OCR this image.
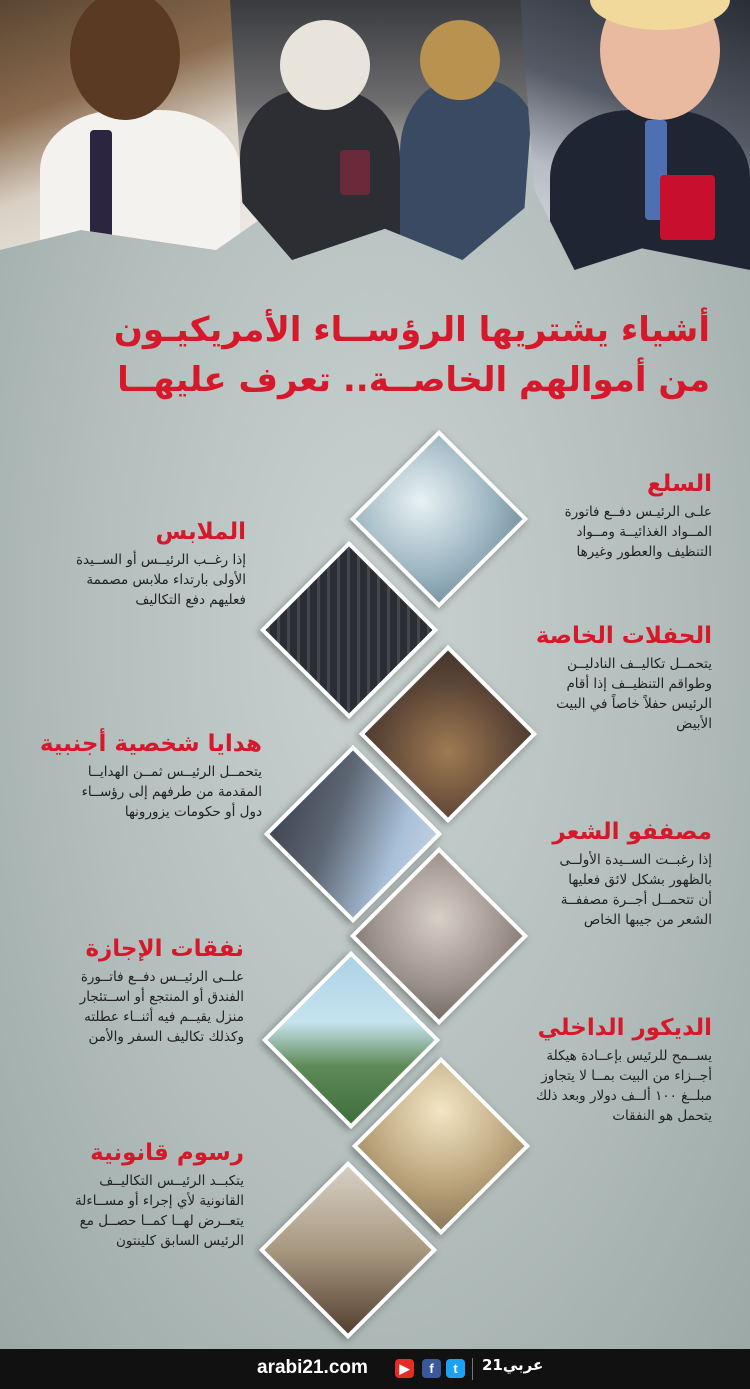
أشياء يشتريها الرؤســاء الأمريكيـون
من أموالهم الخاصــة.. تعرف عليهــا
السلع
علـى الرئيـس دفــع فاتورة
المــواد الغذائيــة ومــواد
التنظيف والعطور وغيرها
الحفلات الخاصة
يتحمــل تكاليــف النادليــن
وطواقم التنظيــف إذا أقام
الرئيس حفلاً خاصاً في البيت
الأبيض
مصففو الشعر
إذا رغبــت الســيدة الأولــى
بالظهور بشكل لائق فعليها
أن تتحمــل أجــرة مصففــة
الشعر من جيبها الخاص
الديكور الداخلي
يســمح للرئيس بإعــادة هيكلة
أجــزاء من البيت بمــا لا يتجاوز
مبلــغ ١٠٠ ألــف دولار وبعد ذلك
يتحمل هو النفقات
الملابس
إذا رغــب الرئيــس أو الســيدة
الأولى بارتداء ملابس مصممة
فعليهم دفع التكاليف
هدايا شخصية أجنبية
يتحمــل الرئيــس ثمــن الهدايــا
المقدمة من طرفهم إلى رؤســاء
دول أو حكومات يزورونها
نفقات الإجازة
علــى الرئيــس دفــع فاتــورة
الفندق أو المنتجع أو اســتئجار
منزل يقيــم فيه أثنــاء عطلته
وكذلك تكاليف السفر والأمن
رسوم قانونية
يتكبــد الرئيــس التكاليــف
القانونية لأي إجراء أو مســاءلة
يتعــرض لهــا كمــا حصــل مع
الرئيس السابق كلينتون
arabi21.com	▶	f	t	عربي21
